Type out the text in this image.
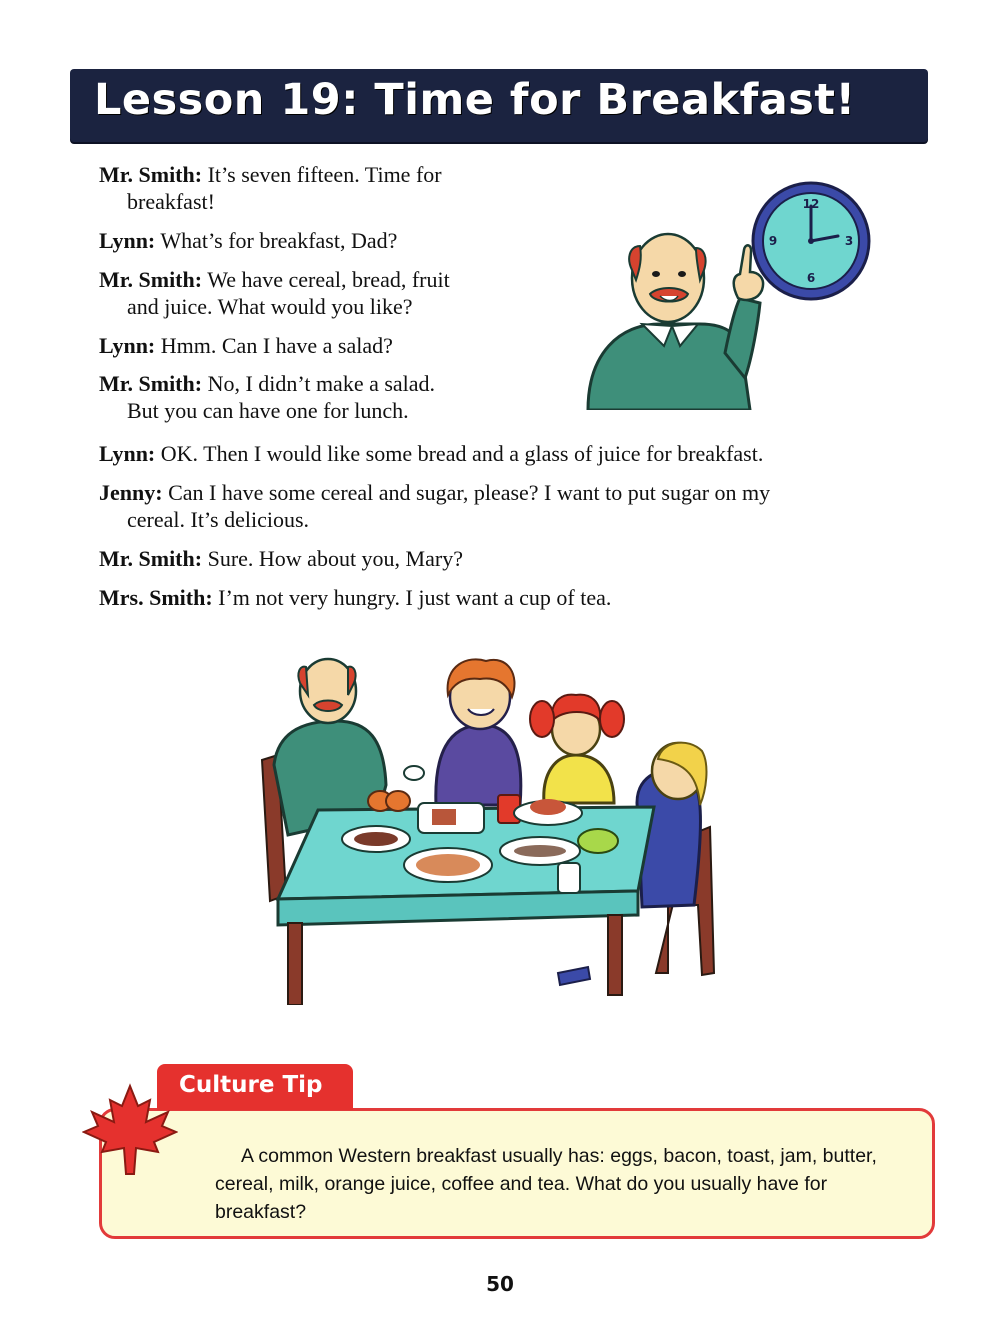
Lesson 19: Time for Breakfast!
Mr. Smith: It’s seven fifteen. Time for
breakfast!
Lynn: What’s for breakfast, Dad?
Mr. Smith: We have cereal, bread, fruit
and juice. What would you like?
Lynn: Hmm. Can I have a salad?
Mr. Smith: No, I didn’t make a salad.
But you can have one for lunch.
Lynn: OK. Then I would like some bread and a glass of juice for breakfast.
Jenny: Can I have some cereal and sugar, please? I want to put sugar on my
cereal. It’s delicious.
Mr. Smith: Sure. How about you, Mary?
Mrs. Smith: I’m not very hungry. I just want a cup of tea.
12
3
6
9
Culture Tip
A common Western breakfast usually has: eggs, bacon, toast, jam, butter, cereal, milk, orange juice, coffee and tea. What do you usually have for breakfast?
50
